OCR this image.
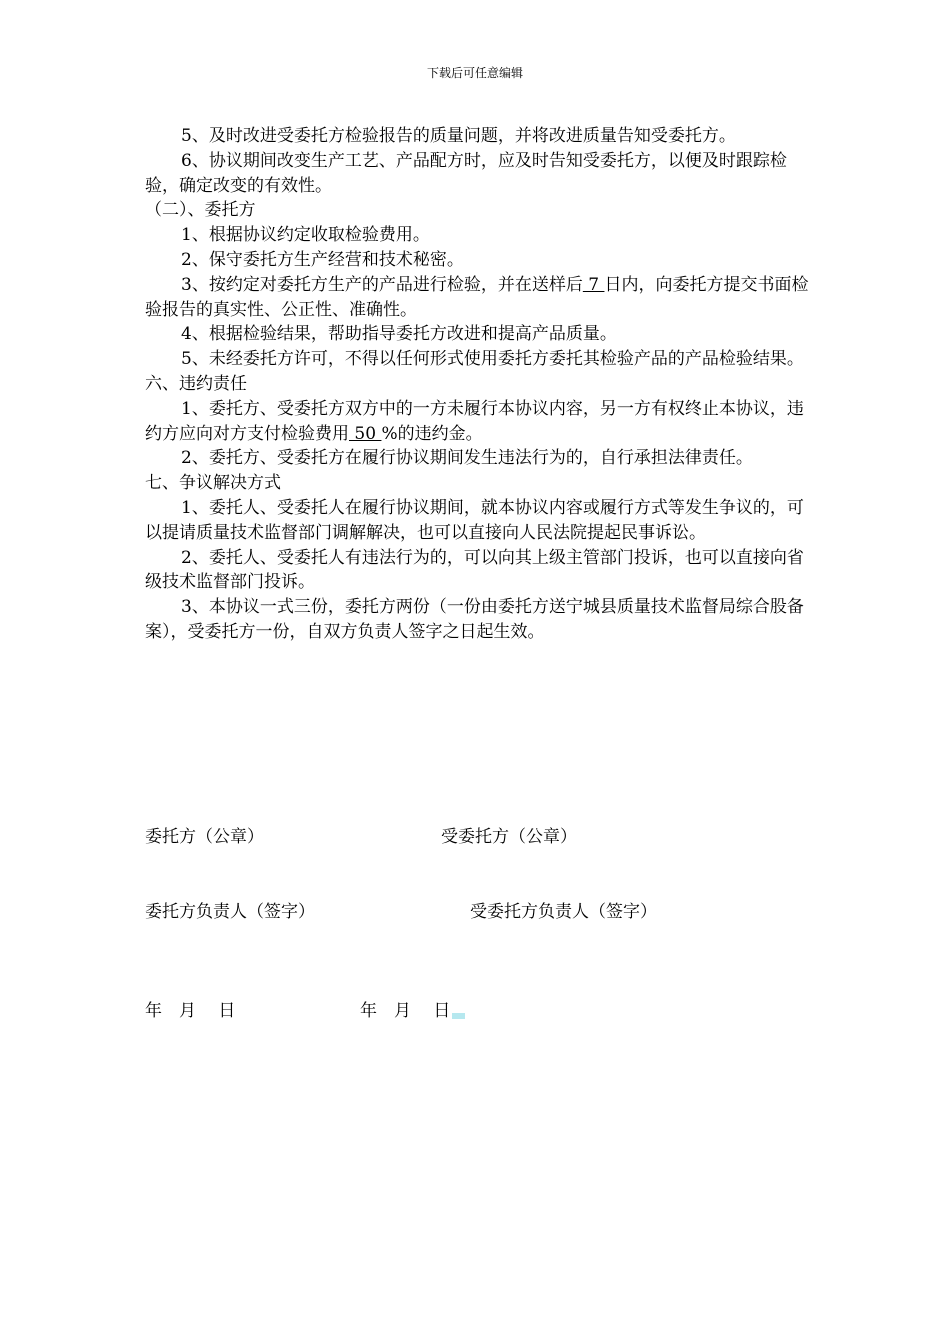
下载后可任意编辑

5、及时改进受委托方检验报告的质量问题，并将改进质量告知受委托方。

6、协议期间改变生产工艺、产品配方时，应及时告知受委托方，以便及时跟踪检验，确定改变的有效性。

（二）、委托方

1、根据协议约定收取检验费用。

2、保守委托方生产经营和技术秘密。

3、按约定对委托方生产的产品进行检验，并在送样后 7 日内，向委托方提交书面检验报告的真实性、公正性、准确性。

4、根据检验结果，帮助指导委托方改进和提高产品质量。

5、未经委托方许可，不得以任何形式使用委托方委托其检验产品的产品检验结果。

六、违约责任

1、委托方、受委托方双方中的一方未履行本协议内容，另一方有权终止本协议，违约方应向对方支付检验费用 50 %的违约金。

2、委托方、受委托方在履行协议期间发生违法行为的，自行承担法律责任。

七、争议解决方式

1、委托人、受委托人在履行协议期间，就本协议内容或履行方式等发生争议的，可以提请质量技术监督部门调解解决，也可以直接向人民法院提起民事诉讼。

2、委托人、受委托人有违法行为的，可以向其上级主管部门投诉，也可以直接向省级技术监督部门投诉。

3、本协议一式三份，委托方两份（一份由委托方送宁城县质量技术监督局综合股备案），受委托方一份，自双方负责人签字之日起生效。

委托方（公章）	受委托方（公章）
委托方负责人（签字）	受委托方负责人（签字）
年　月　 日	年　月　 日
